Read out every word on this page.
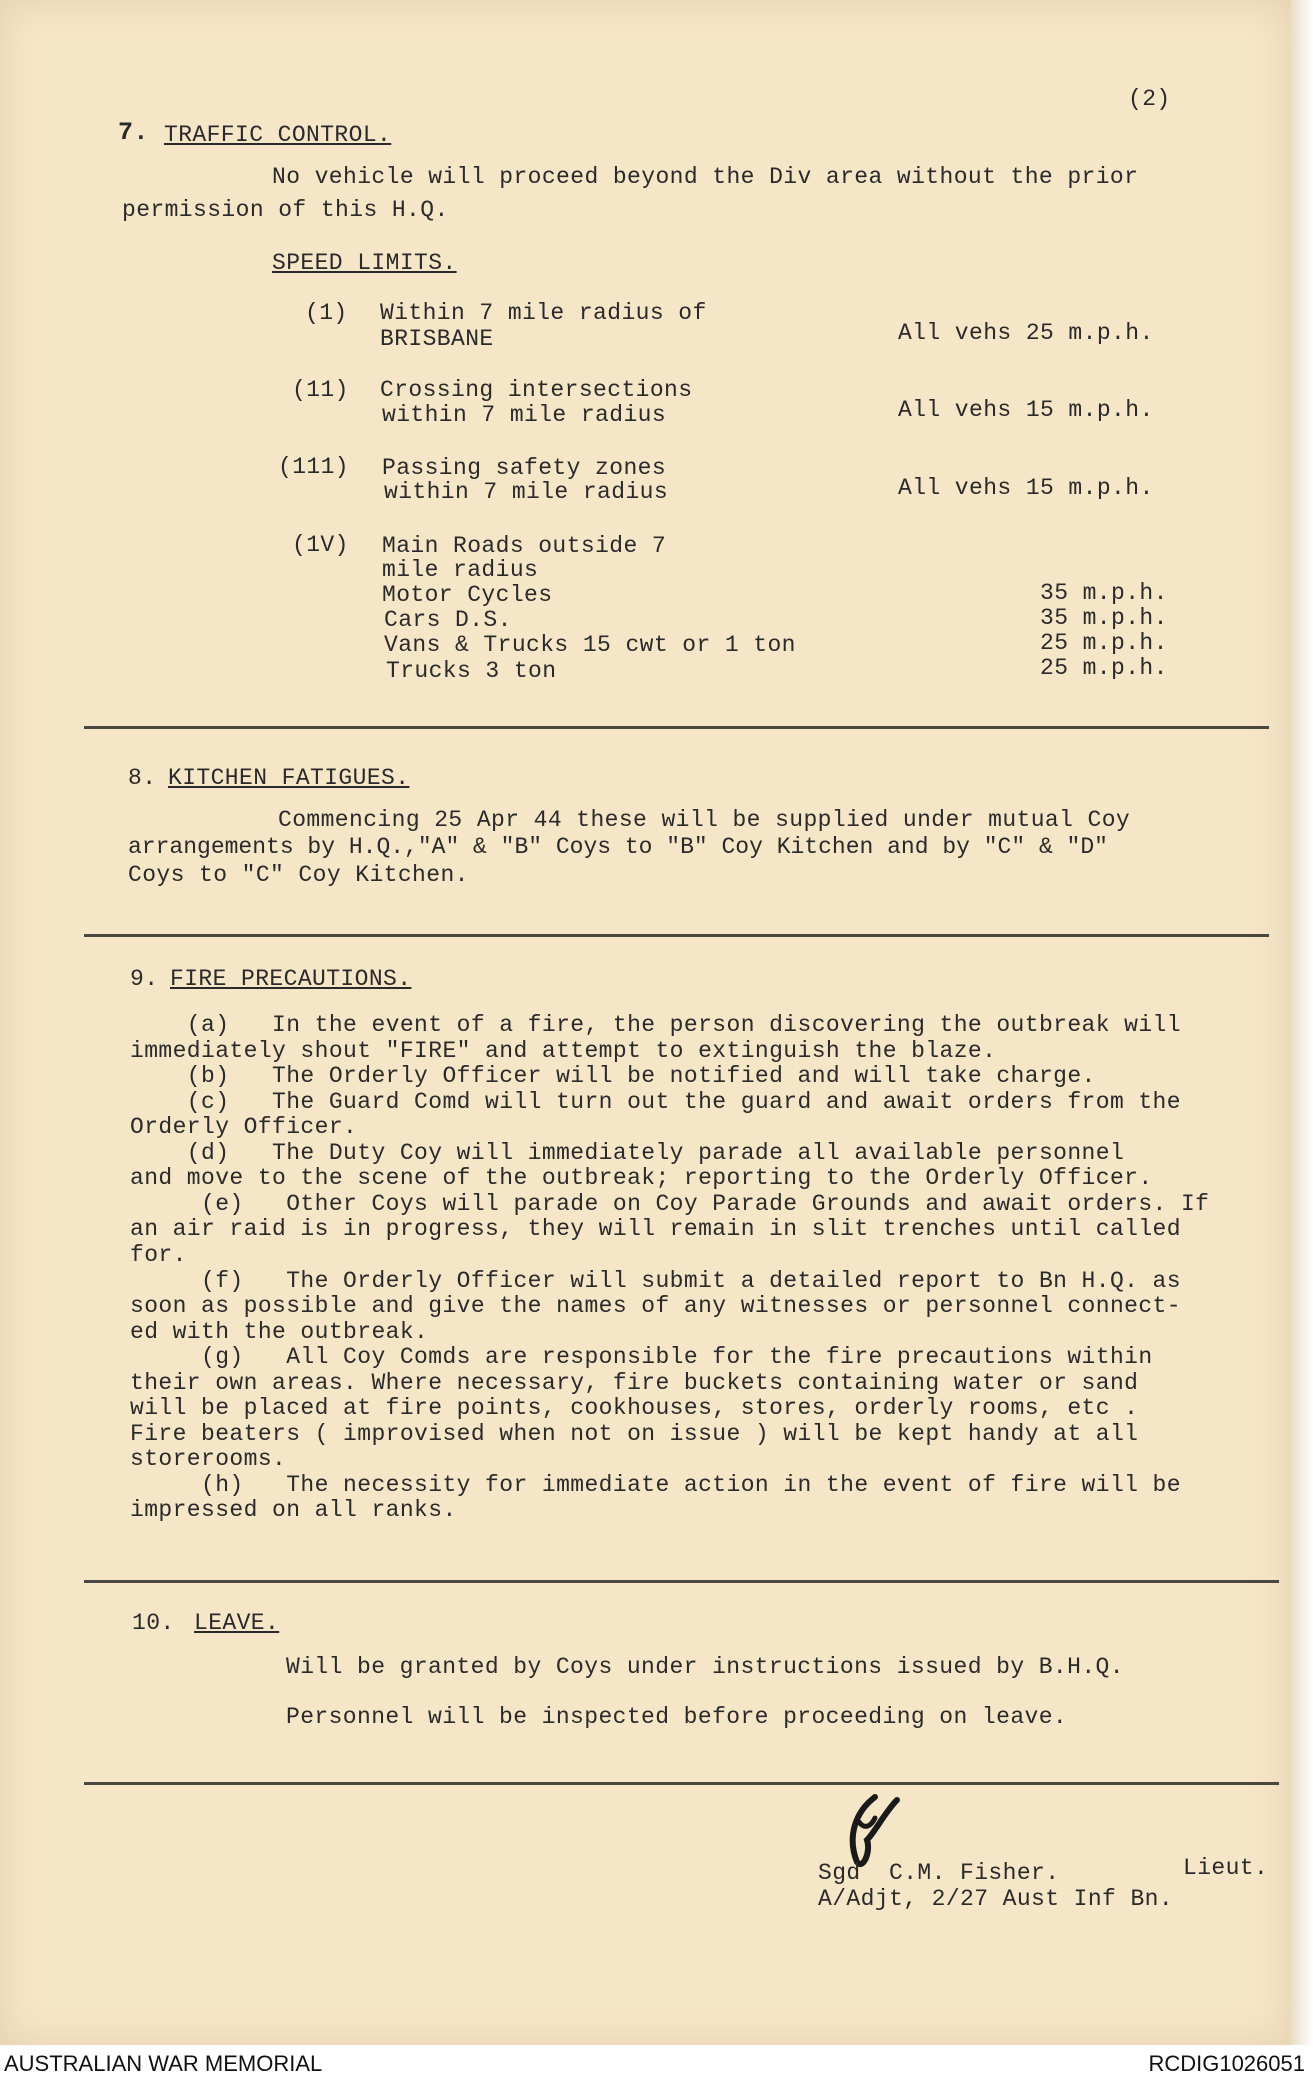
(2)
7. TRAFFIC CONTROL.
No vehicle will proceed beyond the Div area without the prior
permission of this H.Q.
SPEED LIMITS.
(1) Within 7 mile radius of
BRISBANE	All vehs 25 m.p.h.
(11) Crossing intersections
within 7 mile radius	All vehs 15 m.p.h.
(111) Passing safety zones
within 7 mile radius	All vehs 15 m.p.h.
(1V) Main Roads outside 7
mile radius
Motor Cycles	35 m.p.h.
Cars D.S.	35 m.p.h.
Vans & Trucks 15 cwt or 1 ton	25 m.p.h.
Trucks 3 ton	25 m.p.h.
8. KITCHEN FATIGUES.
Commencing 25 Apr 44 these will be supplied under mutual Coy
arrangements by H.Q.,"A" & "B" Coys to "B" Coy Kitchen and by "C" & "D"
Coys to "C" Coy Kitchen.
9. FIRE PRECAUTIONS.
(a)   In the event of a fire, the person discovering the outbreak will
immediately shout "FIRE" and attempt to extinguish the blaze.
(b)   The Orderly Officer will be notified and will take charge.
(c)   The Guard Comd will turn out the guard and await orders from the
Orderly Officer.
(d)   The Duty Coy will immediately parade all available personnel
and move to the scene of the outbreak; reporting to the Orderly Officer.
(e)   Other Coys will parade on Coy Parade Grounds and await orders. If
an air raid is in progress, they will remain in slit trenches until called
for.
(f)   The Orderly Officer will submit a detailed report to Bn H.Q. as
soon as possible and give the names of any witnesses or personnel connect-
ed with the outbreak.
(g)   All Coy Comds are responsible for the fire precautions within
their own areas. Where necessary, fire buckets containing water or sand
will be placed at fire points, cookhouses, stores, orderly rooms, etc .
Fire beaters ( improvised when not on issue ) will be kept handy at all
storerooms.
(h)   The necessity for immediate action in the event of fire will be
impressed on all ranks.
10. LEAVE.
Will be granted by Coys under instructions issued by B.H.Q.
Personnel will be inspected before proceeding on leave.
Sgd  C.M. Fisher.	Lieut.
A/Adjt, 2/27 Aust Inf Bn.
AUSTRALIAN WAR MEMORIAL	RCDIG1026051
